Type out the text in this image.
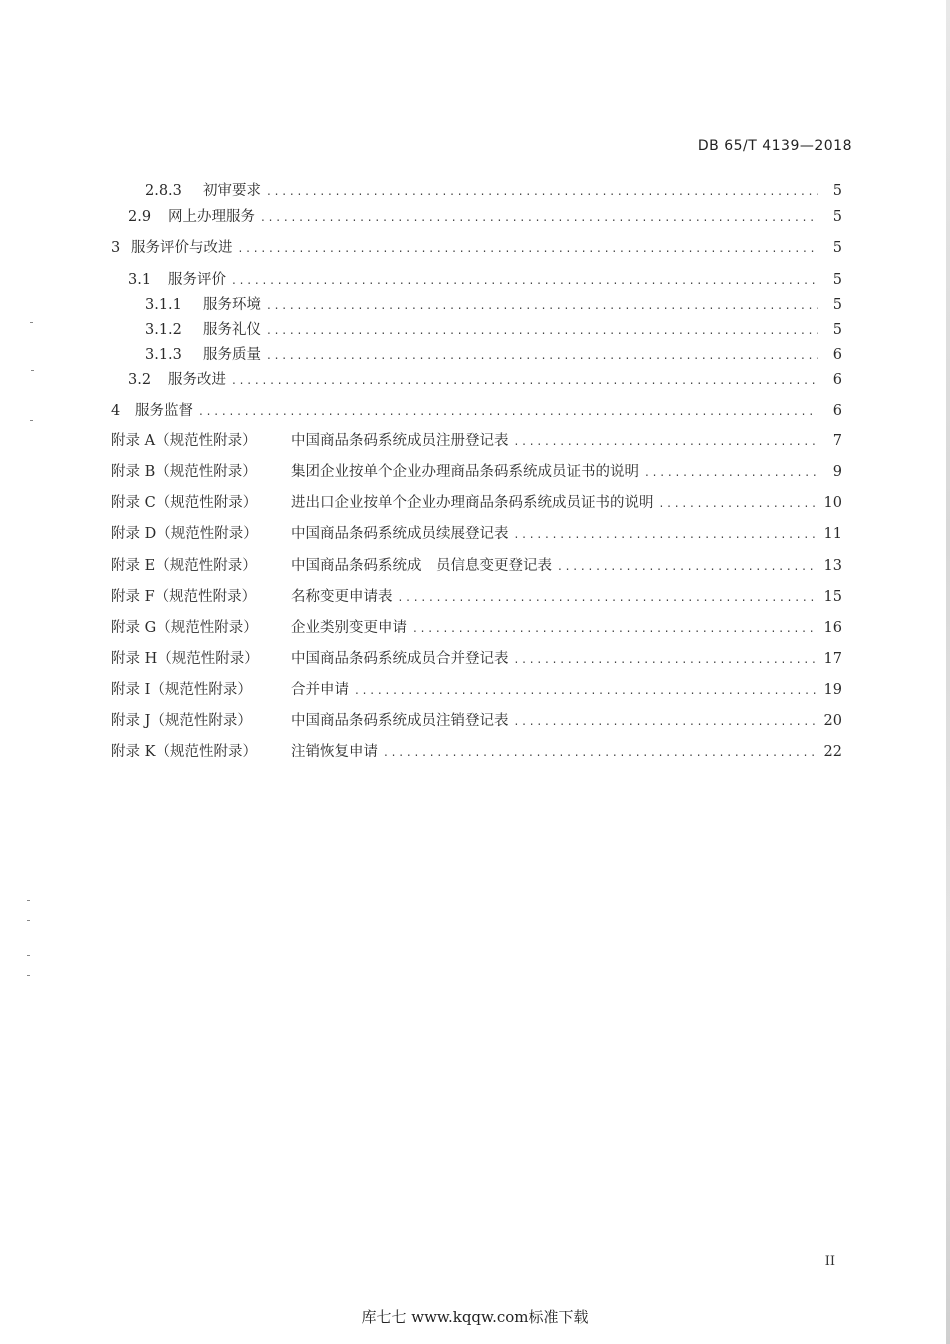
DB 65/T 4139—2018
2.8.3	初审要求 . . .	5
2.9	网上办理服务 . . .	5
3 服务评价与改进 . . .	5
3.1	服务评价 . . .	5
3.1.1	服务环境 . . .	5
3.1.2	服务礼仪 . . .	5
3.1.3	服务质量 . . .	6
3.2	服务改进 . . .	6
4	服务监督 . . .	6
附录 A（规范性附录）	中国商品条码系统成员注册登记表 . . .	7
附录 B（规范性附录）	集团企业按单个企业办理商品条码系统成员证书的说明 . . .	9
附录 C（规范性附录）	进出口企业按单个企业办理商品条码系统成员证书的说明 . . .	10
附录 D（规范性附录）	中国商品条码系统成员续展登记表 . . .	11
附录 E（规范性附录）	中国商品条码系统成　员信息变更登记表 . . .	13
附录 F（规范性附录）	名称变更申请表 . . .	15
附录 G（规范性附录）	企业类别变更申请 . . .	16
附录 H（规范性附录）	中国商品条码系统成员合并登记表 . . .	17
附录 I（规范性附录）	合并申请 . . .	19
附录 J（规范性附录）	中国商品条码系统成员注销登记表 . . .	20
附录 K（规范性附录）	注销恢复申请 . . .	22
II
库七七 www.kqqw.com标准下载
